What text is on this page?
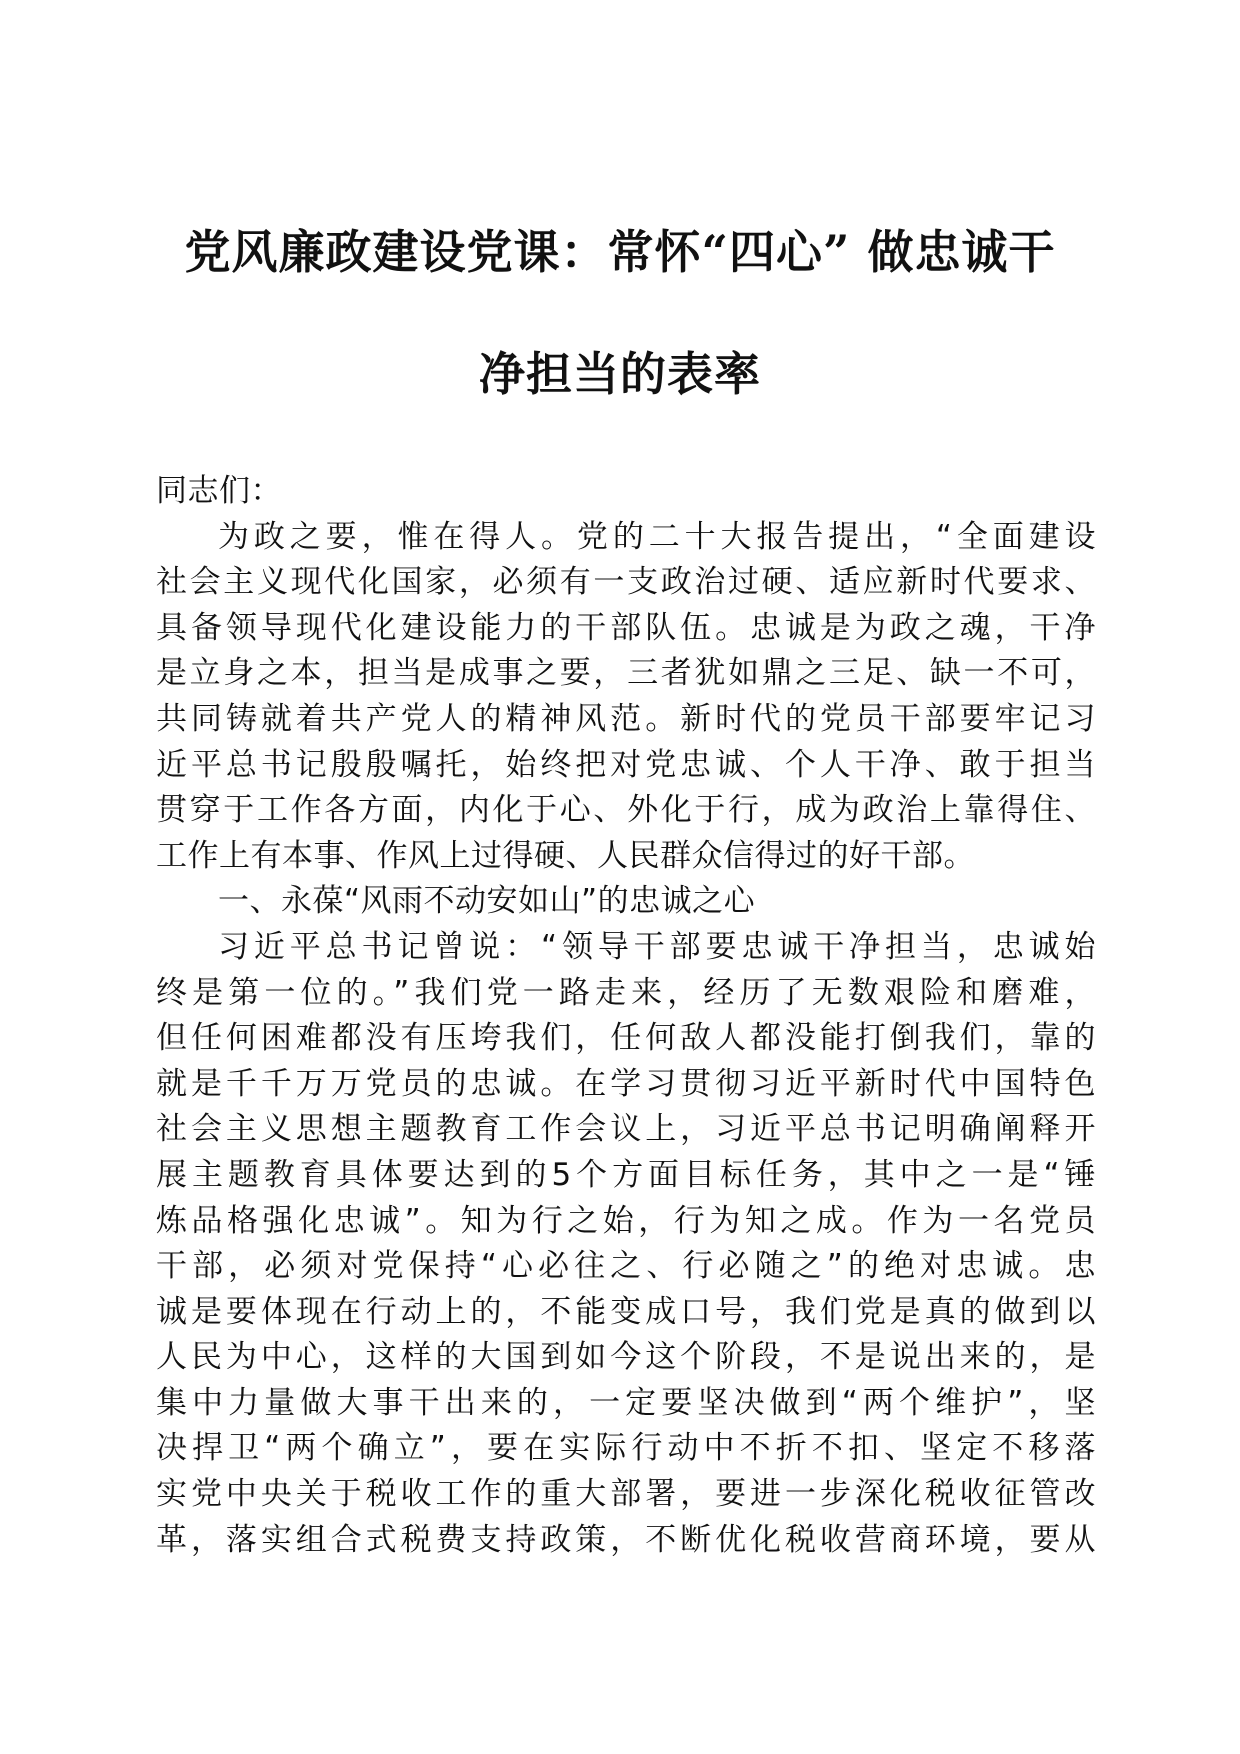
党风廉政建设党课：常怀“四心” 做忠诚干
净担当的表率
同志们：
为政之要，惟在得人。党的二十大报告提出，“全面建设
社会主义现代化国家，必须有一支政治过硬、适应新时代要求、
具备领导现代化建设能力的干部队伍。忠诚是为政之魂，干净
是立身之本，担当是成事之要，三者犹如鼎之三足、缺一不可，
共同铸就着共产党人的精神风范。新时代的党员干部要牢记习
近平总书记殷殷嘱托，始终把对党忠诚、个人干净、敢于担当
贯穿于工作各方面，内化于心、外化于行，成为政治上靠得住、
工作上有本事、作风上过得硬、人民群众信得过的好干部。
一、永葆“风雨不动安如山”的忠诚之心
习近平总书记曾说：“领导干部要忠诚干净担当，忠诚始
终是第一位的。”我们党一路走来，经历了无数艰险和磨难，
但任何困难都没有压垮我们，任何敌人都没能打倒我们，靠的
就是千千万万党员的忠诚。在学习贯彻习近平新时代中国特色
社会主义思想主题教育工作会议上，习近平总书记明确阐释开
展主题教育具体要达到的5个方面目标任务，其中之一是“锤
炼品格强化忠诚”。知为行之始，行为知之成。作为一名党员
干部，必须对党保持“心必往之、行必随之”的绝对忠诚。忠
诚是要体现在行动上的，不能变成口号，我们党是真的做到以
人民为中心，这样的大国到如今这个阶段，不是说出来的，是
集中力量做大事干出来的，一定要坚决做到“两个维护”，坚
决捍卫“两个确立”，要在实际行动中不折不扣、坚定不移落
实党中央关于税收工作的重大部署，要进一步深化税收征管改
革，落实组合式税费支持政策，不断优化税收营商环境，要从
